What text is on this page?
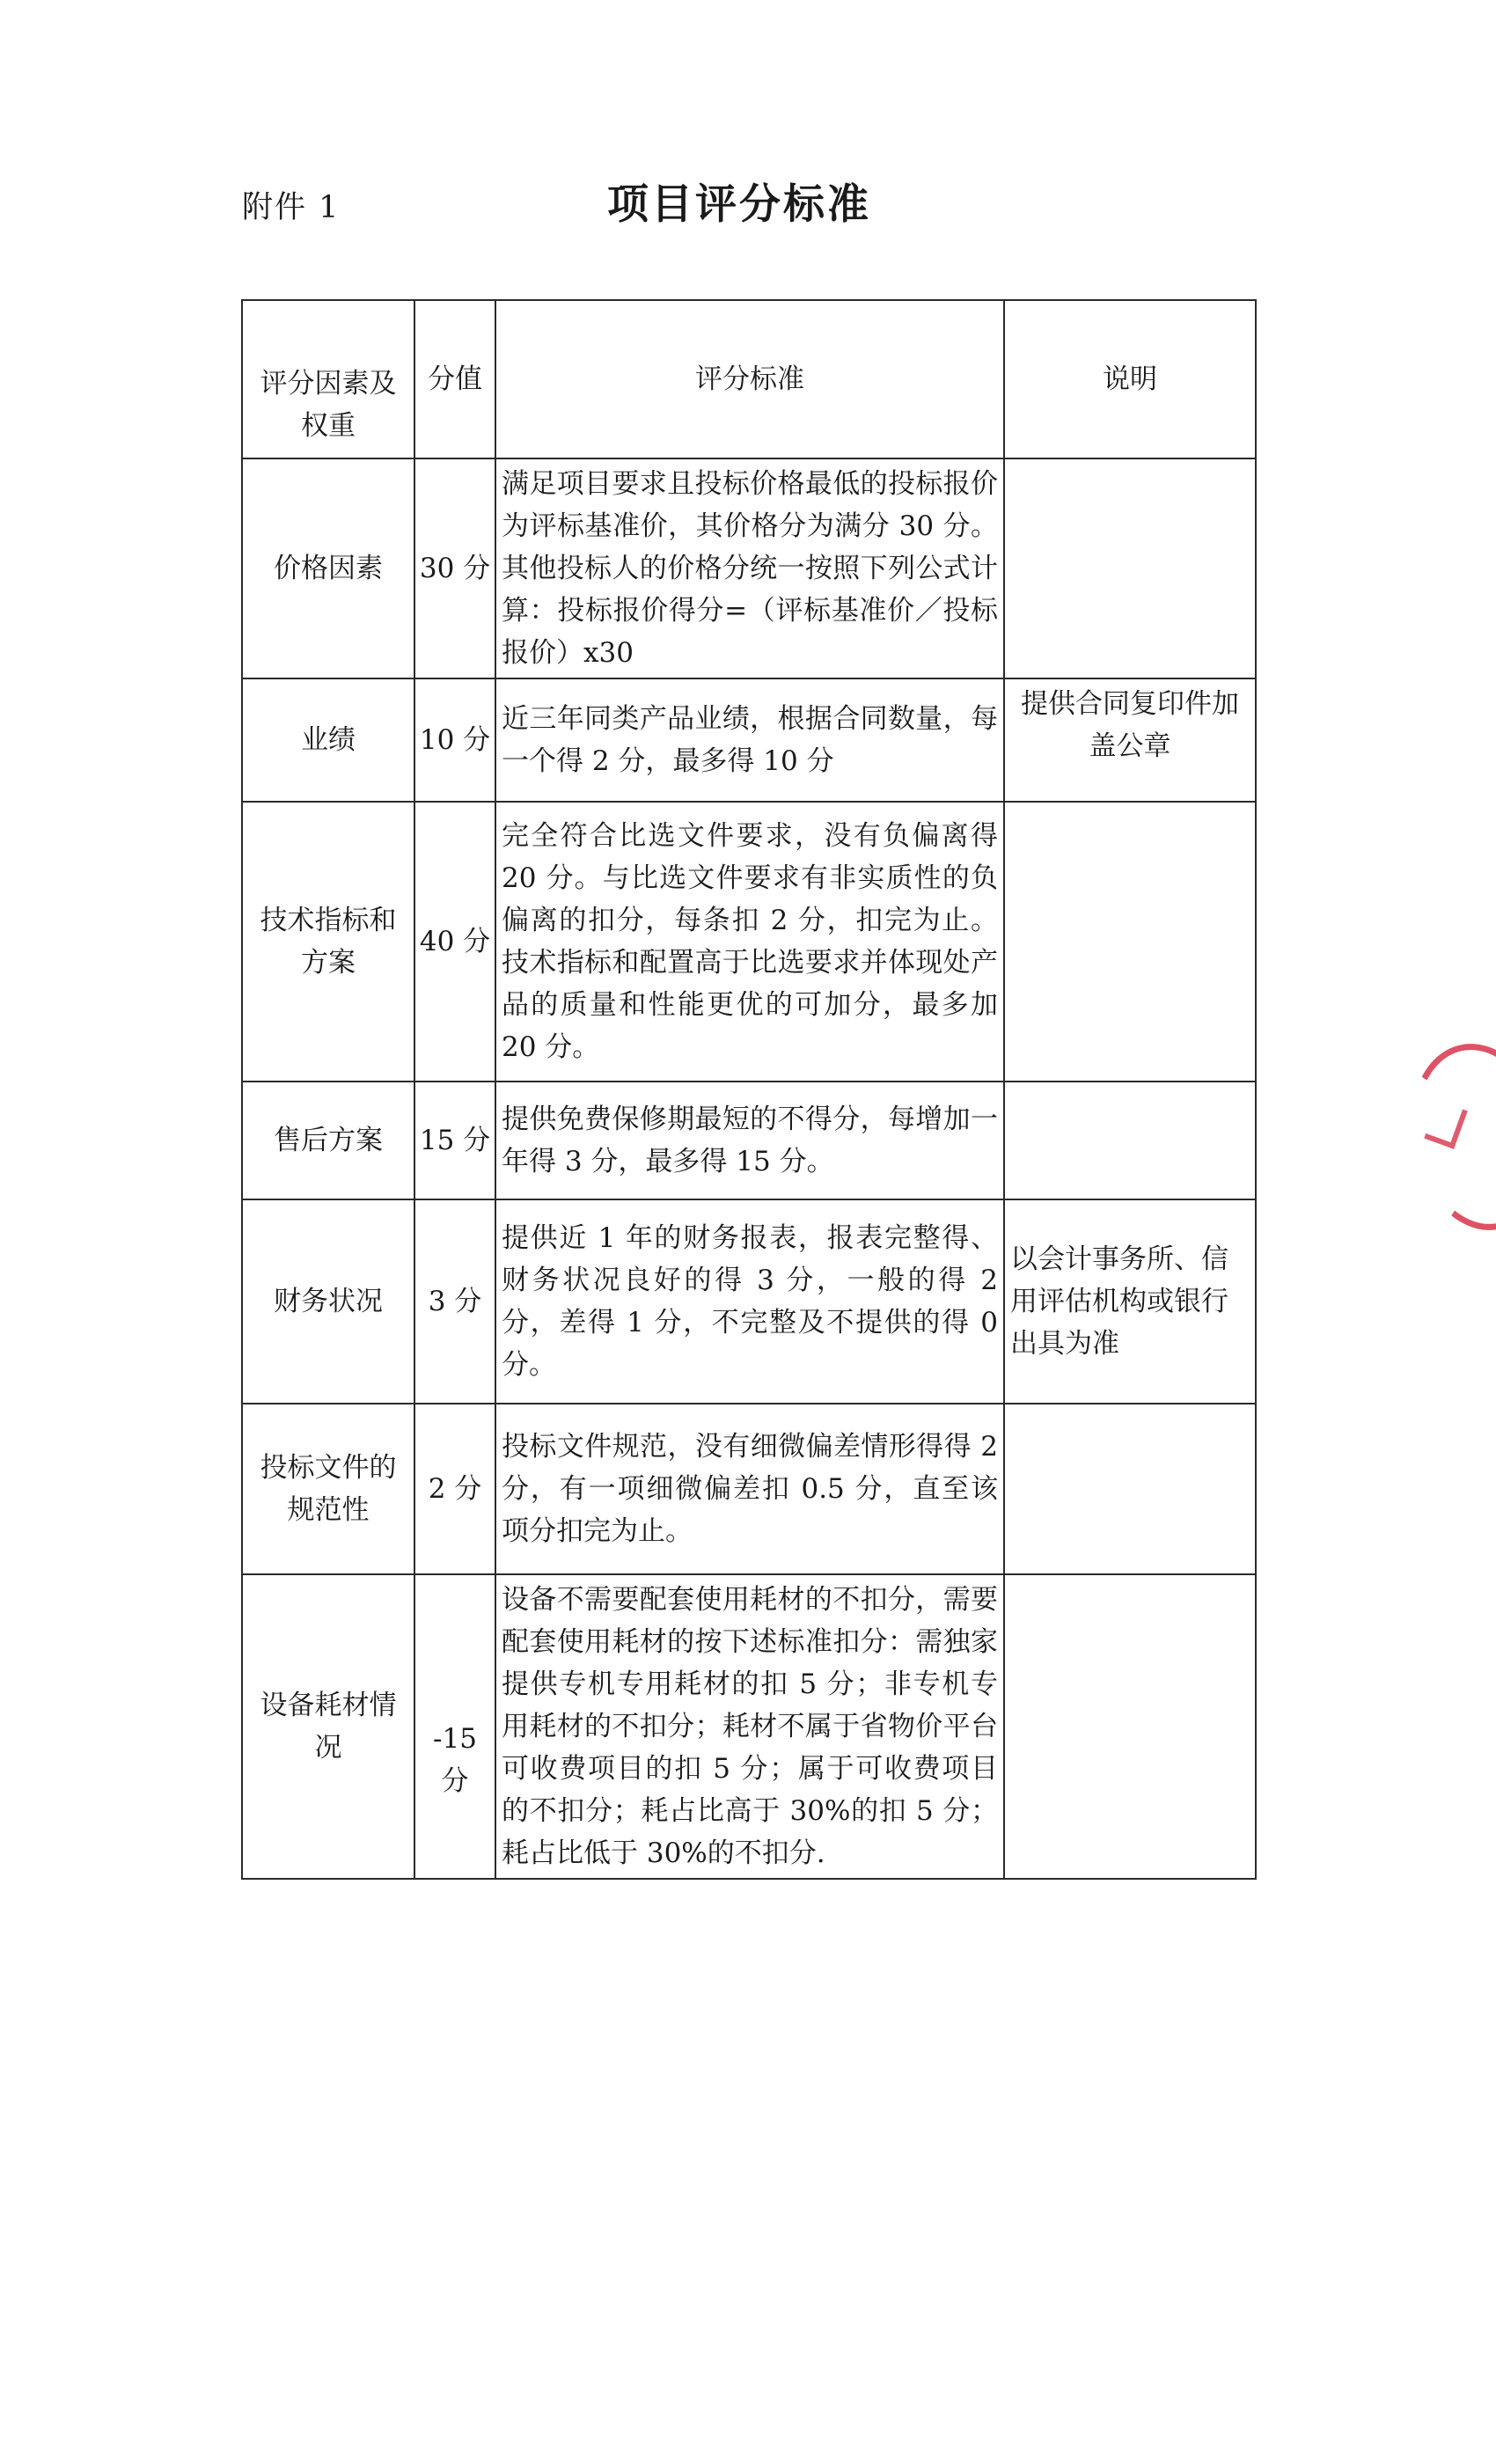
附件 1	项目评分标准
评分因素及权重	分值	评分标准	说明
价格因素	30 分	满足项目要求且投标价格最低的投标报价为评标基准价，其价格分为满分 30 分。其他投标人的价格分统一按照下列公式计算：投标报价得分=（评标基准价／投标报价）x30	
业绩	10 分	近三年同类产品业绩，根据合同数量，每一个得 2 分，最多得 10 分	提供合同复印件加盖公章
技术指标和方案	40 分	完全符合比选文件要求，没有负偏离得 20 分。与比选文件要求有非实质性的负偏离的扣分，每条扣 2 分，扣完为止。技术指标和配置高于比选要求并体现处产品的质量和性能更优的可加分，最多加 20 分。	
售后方案	15 分	提供免费保修期最短的不得分，每增加一年得 3 分，最多得 15 分。	
财务状况	3 分	提供近 1 年的财务报表，报表完整得、财务状况良好的得 3 分，一般的得 2 分，差得 1 分，不完整及不提供的得 0 分。	以会计事务所、信用评估机构或银行出具为准
投标文件的规范性	2 分	投标文件规范，没有细微偏差情形得得 2 分，有一项细微偏差扣 0.5 分，直至该项分扣完为止。	
设备耗材情况	-15 分	设备不需要配套使用耗材的不扣分，需要配套使用耗材的按下述标准扣分：需独家提供专机专用耗材的扣 5 分；非专机专用耗材的不扣分；耗材不属于省物价平台可收费项目的扣 5 分；属于可收费项目的不扣分；耗占比高于 30%的扣 5 分；耗占比低于 30%的不扣分.	
